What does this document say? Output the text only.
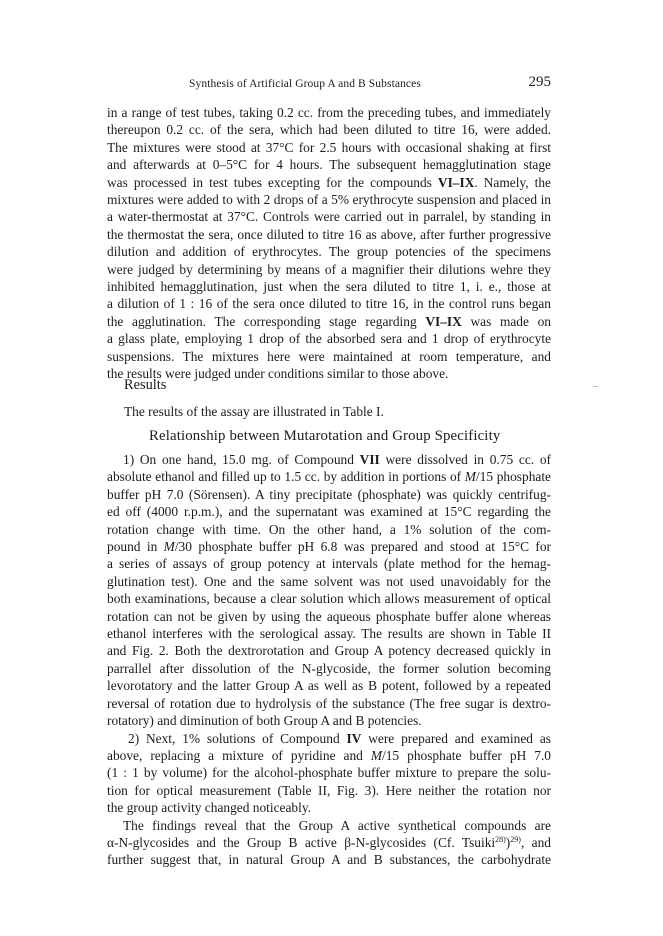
Synthesis of Artificial Group A and B Substances	295

in a range of test tubes, taking 0.2 cc. from the preceding tubes, and immediately

thereupon 0.2 cc. of the sera, which had been diluted to titre 16, were added.

The mixtures were stood at 37°C for 2.5 hours with occasional shaking at first

and afterwards at 0–5°C for 4 hours. The subsequent hemagglutination stage

was processed in test tubes excepting for the compounds VI–IX. Namely, the

mixtures were added to with 2 drops of a 5% erythrocyte suspension and placed in

a water-thermostat at 37°C. Controls were carried out in parralel, by standing in

the thermostat the sera, once diluted to titre 16 as above, after further progressive

dilution and addition of erythrocytes. The group potencies of the specimens

were judged by determining by means of a magnifier their dilutions wehre they

inhibited hemagglutination, just when the sera diluted to titre 1, i. e., those at

a dilution of 1 : 16 of the sera once diluted to titre 16, in the control runs began

the agglutination. The corresponding stage regarding VI–IX was made on

a glass plate, employing 1 drop of the absorbed sera and 1 drop of erythrocyte

suspensions. The mixtures here were maintained at room temperature, and

the results were judged under conditions similar to those above.

Results
The results of the assay are illustrated in Table I.
Relationship between Mutarotation and Group Specificity

1) On one hand, 15.0 mg. of Compound VII were dissolved in 0.75 cc. of

absolute ethanol and filled up to 1.5 cc. by addition in portions of M/15 phosphate

buffer pH 7.0 (Sörensen). A tiny precipitate (phosphate) was quickly centrifug-

ed off (4000 r.p.m.), and the supernatant was examined at 15°C regarding the

rotation change with time. On the other hand, a 1% solution of the com-

pound in M/30 phosphate buffer pH 6.8 was prepared and stood at 15°C for

a series of assays of group potency at intervals (plate method for the hemag-

glutination test). One and the same solvent was not used unavoidably for the

both examinations, because a clear solution which allows measurement of optical

rotation can not be given by using the aqueous phosphate buffer alone whereas

ethanol interferes with the serological assay. The results are shown in Table II

and Fig. 2. Both the dextrorotation and Group A potency decreased quickly in

parrallel after dissolution of the N-glycoside, the former solution becoming

levorotatory and the latter Group A as well as B potent, followed by a repeated

reversal of rotation due to hydrolysis of the substance (The free sugar is dextro-

rotatory) and diminution of both Group A and B potencies.

2) Next, 1% solutions of Compound IV were prepared and examined as

above, replacing a mixture of pyridine and M/15 phosphate buffer pH 7.0

(1 : 1 by volume) for the alcohol-phosphate buffer mixture to prepare the solu-

tion for optical measurement (Table II, Fig. 3). Here neither the rotation nor

the group activity changed noticeably.

The findings reveal that the Group A active synthetical compounds are

α-N-glycosides and the Group B active β-N-glycosides (Cf. Tsuiki$^{28)}$)$^{29)}$, and

further suggest that, in natural Group A and B substances, the carbohydrate
